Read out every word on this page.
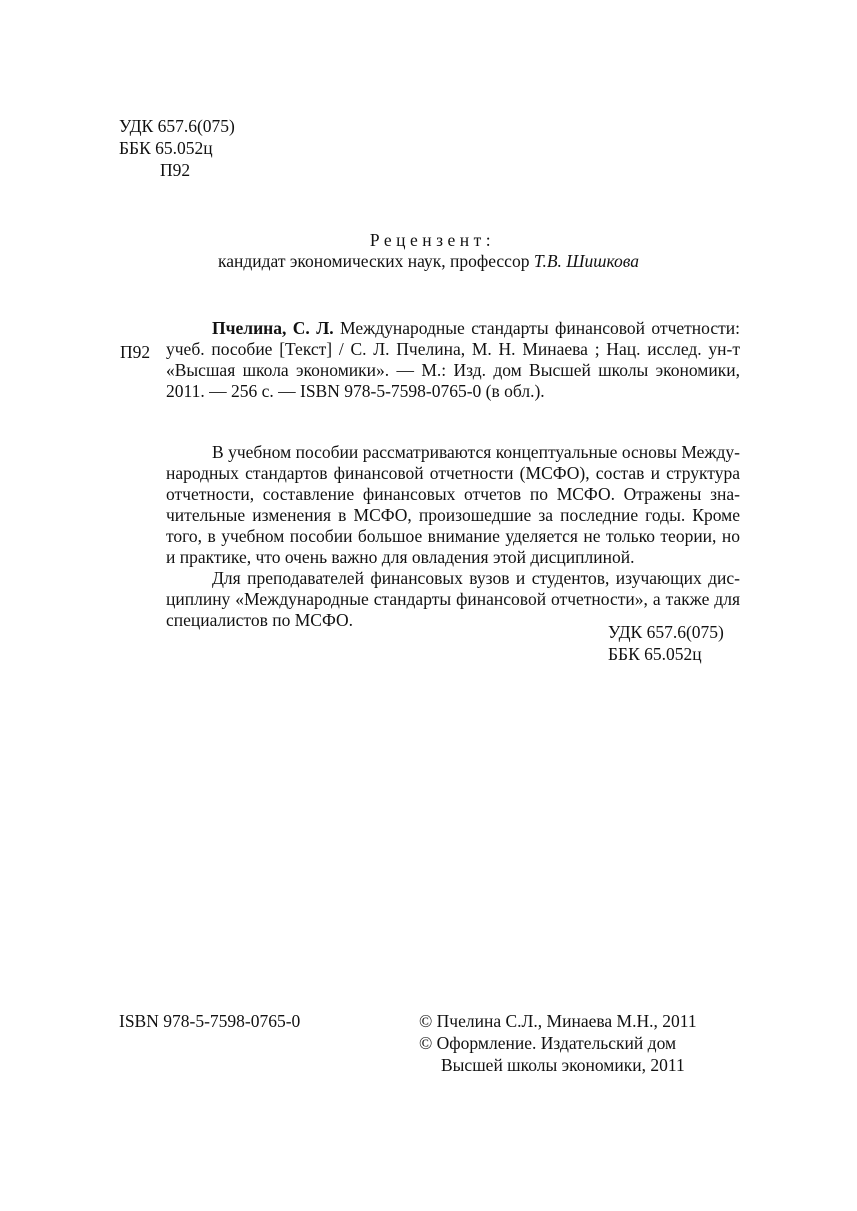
УДК 657.6(075)
ББК 65.052ц
П92
Рецензент:
кандидат экономических наук, профессор Т.В. Шишкова
П92
Пчелина, С. Л. Международные стандарты финансовой отчетности:
учеб. пособие [Текст] / С. Л. Пчелина, М. Н. Минаева ; Нац. исслед. ун-т
«Высшая школа экономики». — М.: Изд. дом Высшей школы экономики,
2011. — 256 с. — ISBN 978-5-7598-0765-0 (в обл.).
В учебном пособии рассматриваются концептуальные основы Между-
народных стандартов финансовой отчетности (МСФО), состав и структура
отчетности, составление финансовых отчетов по МСФО. Отражены зна-
чительные изменения в МСФО, произошедшие за последние годы. Кроме
того, в учебном пособии большое внимание уделяется не только теории, но
и практике, что очень важно для овладения этой дисциплиной.
Для преподавателей финансовых вузов и студентов, изучающих дис-
циплину «Международные стандарты финансовой отчетности», а также для
специалистов по МСФО.
УДК 657.6(075)
ББК 65.052ц
ISBN 978-5-7598-0765-0	© Пчелина С.Л., Минаева М.Н., 2011
© Оформление. Издательский дом
Высшей школы экономики, 2011
